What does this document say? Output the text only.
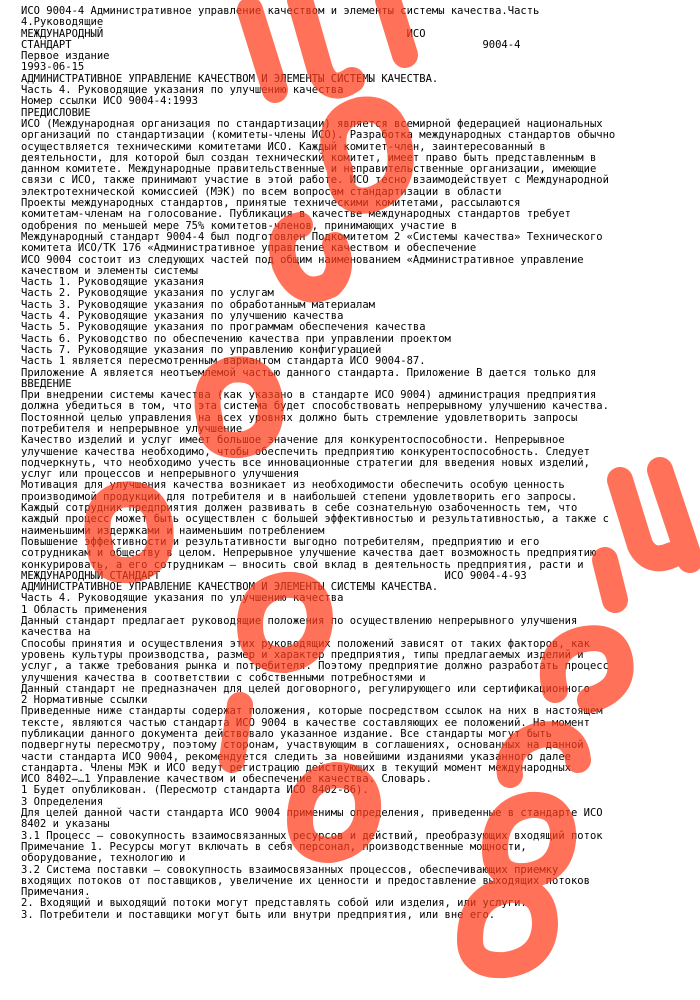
ИСО 9004-4 Административное управление качеством и элементы системы качества.Часть
4.Руководящие
МЕЖДУНАРОДНЫЙ                                                ИСО
СТАНДАРТ                                                                 9004-4
Первое издание
1993-06-15
АДМИНИСТРАТИВНОЕ УПРАВЛЕНИЕ КАЧЕСТВОМ И ЭЛЕМЕНТЫ СИСТЕМЫ КАЧЕСТВА.
Часть 4. Руководящие указания по улучшению качества
Номер ссылки ИСО 9004-4:1993
ПРЕДИСЛОВИЕ
ИСО (Международная организация по стандартизации) является всемирной федерацией национальных
организаций по стандартизации (комитеты-члены ИСО). Разработка международных стандартов обычно
осуществляется техническими комитетами ИСО. Каждый комитет-член, заинтересованный в
деятельности, для которой был создан технический комитет, имеет право быть представленным в
данном комитете. Международные правительственные и неправительственные организации, имеющие
связи с ИСО, также принимают участие в этой работе. ИСО тесно взаимодействует с Международной
электротехнической комиссией (МЭК) по всем вопросам стандартизации в области
Проекты международных стандартов, принятые техническими комитетами, рассылаются
комитетам-членам на голосование. Публикация в качестве международных стандартов требует
одобрения по меньшей мере 75% комитетов-членов, принимающих участие в
Международный стандарт 9004-4 был подготовлен Подкомитетом 2 «Системы качества» Технического
комитета ИСО/ТК 176 «Административное управление качеством и обеспечение
ИСО 9004 состоит из следующих частей под общим наименованием «Административное управление
качеством и элементы системы
Часть 1. Руководящие указания
Часть 2. Руководящие указания по услугам
Часть 3. Руководящие указания по обработанным материалам
Часть 4. Руководящие указания по улучшению качества
Часть 5. Руководящие указания по программам обеспечения качества
Часть 6. Руководство по обеспечению качества при управлении проектом
Часть 7. Руководящие указания по управлению конфигурацией
Часть 1 является пересмотренным вариантом стандарта ИСО 9004-87.
Приложение А является неотъемлемой частью данного стандарта. Приложение В дается только для
ВВЕДЕНИЕ
При внедрении системы качества (как указано в стандарте ИСО 9004) администрация предприятия
должна убедиться в том, что эта система будет способствовать непрерывному улучшению качества.
Постоянной целью управления на всех уровнях должно быть стремление удовлетворить запросы
потребителя и непрерывное улучшение
Качество изделий и услуг имеет большое значение для конкурентоспособности. Непрерывное
улучшение качества необходимо, чтобы обеспечить предприятию конкурентоспособность. Следует
подчеркнуть, что необходимо учесть все инновационные стратегии для введения новых изделий,
услуг или процессов и непрерывного улучшения
Мотивация для улучшения качества возникает из необходимости обеспечить особую ценность
производимой продукции для потребителя и в наибольшей степени удовлетворить его запросы.
Каждый сотрудник предприятия должен развивать в себе сознательную озабоченность тем, что
каждый процесс может быть осуществлен с большей эффективностью и результативностью, а также с
наименьшими издержками и наименьшим потреблением
Повышение эффективности и результативности выгодно потребителям, предприятию и его
сотрудникам и обществу в целом. Непрерывное улучшение качества дает возможность предприятию
конкурировать, а его сотрудникам — вносить свой вклад в деятельность предприятия, расти и
МЕЖДУНАРОДНЫЙ СТАНДАРТ                                             ИСО 9004-4-93
АДМИНИСТРАТИВНОЕ УПРАВЛЕНИЕ КАЧЕСТВОМ И ЭЛЕМЕНТЫ СИСТЕМЫ КАЧЕСТВА.
Часть 4. Руководящие указания по улучшению качества
1 Область применения
Данный стандарт предлагает руководящие положения по осуществлению непрерывного улучшения
качества на
Способы принятия и осуществления этих руководящих положений зависят от таких факторов, как
уровень культуры производства, размер и характер предприятия, типы предлагаемых изделий и
услуг, а также требования рынка и потребителя. Поэтому предприятие должно разработать процесс
улучшения качества в соответствии с собственными потребностями и
Данный стандарт не предназначен для целей договорного, регулирующего или сертификационного
2 Нормативные ссылки
Приведенные ниже стандарты содержат положения, которые посредством ссылок на них в настоящем
тексте, являются частью стандарта ИСО 9004 в качестве составляющих ее положений. На момент
публикации данного документа действовало указанное издание. Все стандарты могут быть
подвергнуты пересмотру, поэтому сторонам, участвующим в соглашениях, основанных на данной
части стандарта ИСО 9004, рекомендуется следить за новейшими изданиями указанного далее
стандарта. Члены МЭК и ИСО ведут регистрацию действующих в текущий момент международных
ИСО 8402–…1 Управление качеством и обеспечение качества. Словарь.
1 Будет опубликован. (Пересмотр стандарта ИСО 8402-86).
3 Определения
Для целей данной части стандарта ИСО 9004 применимы определения, приведенные в стандарте ИСО
8402 и указаны
3.1 Процесс — совокупность взаимосвязанных ресурсов и действий, преобразующих входящий поток
Примечание 1. Ресурсы могут включать в себя персонал, производственные мощности,
оборудование, технологию и
3.2 Система поставки — совокупность взаимосвязанных процессов, обеспечивающих приемку
входящих потоков от поставщиков, увеличение их ценности и предоставление выходящих потоков
Примечания.
2. Входящий и выходящий потоки могут представлять собой или изделия, или услуги.
3. Потребители и поставщики могут быть или внутри предприятия, или вне его.
